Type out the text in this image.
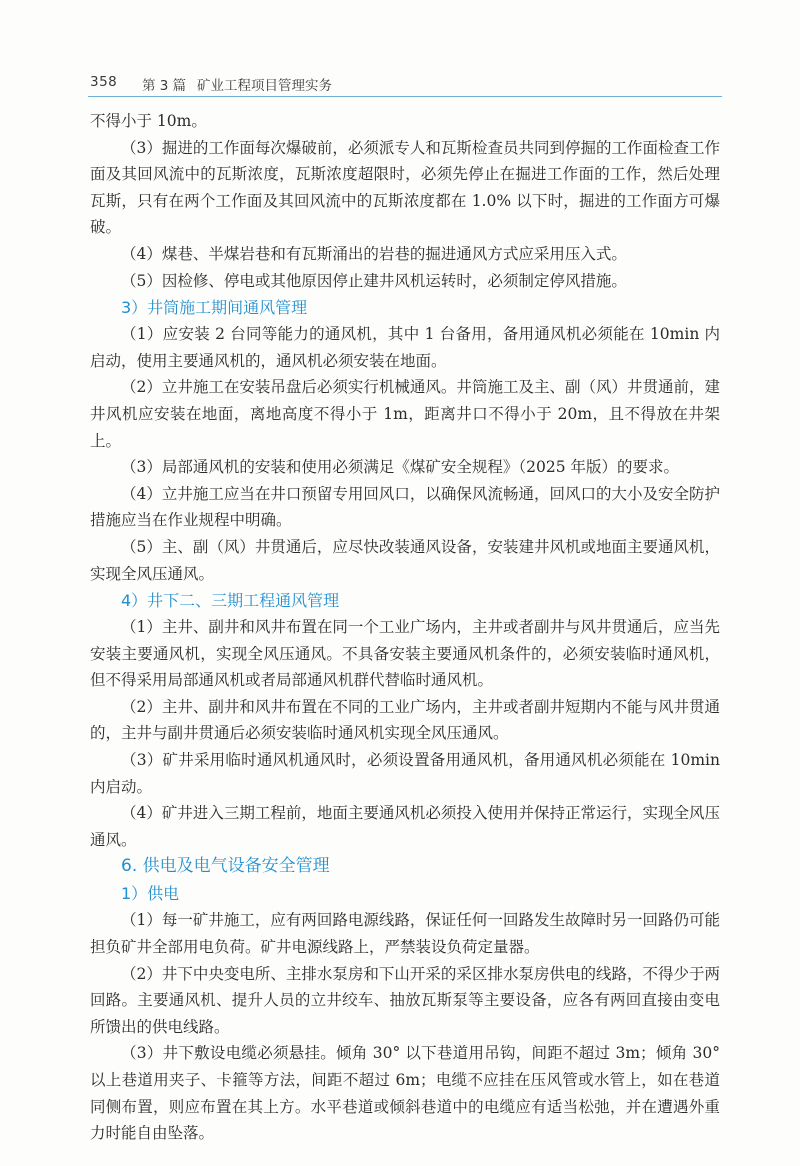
358 第 3 篇 矿业工程项目管理实务

不得小于 10m。

（3）掘进的工作面每次爆破前，必须派专人和瓦斯检查员共同到停掘的工作面检查工作面及其回风流中的瓦斯浓度，瓦斯浓度超限时，必须先停止在掘进工作面的工作，然后处理瓦斯，只有在两个工作面及其回风流中的瓦斯浓度都在 1.0% 以下时，掘进的工作面方可爆破。

（4）煤巷、半煤岩巷和有瓦斯涌出的岩巷的掘进通风方式应采用压入式。

（5）因检修、停电或其他原因停止建井风机运转时，必须制定停风措施。

3）井筒施工期间通风管理

（1）应安装 2 台同等能力的通风机，其中 1 台备用，备用通风机必须能在 10min 内启动，使用主要通风机的，通风机必须安装在地面。

（2）立井施工在安装吊盘后必须实行机械通风。井筒施工及主、副（风）井贯通前，建井风机应安装在地面，离地高度不得小于 1m，距离井口不得小于 20m，且不得放在井架上。

（3）局部通风机的安装和使用必须满足《煤矿安全规程》（2025 年版）的要求。

（4）立井施工应当在井口预留专用回风口，以确保风流畅通，回风口的大小及安全防护措施应当在作业规程中明确。

（5）主、副（风）井贯通后，应尽快改装通风设备，安装建井风机或地面主要通风机，实现全风压通风。

4）井下二、三期工程通风管理

（1）主井、副井和风井布置在同一个工业广场内，主井或者副井与风井贯通后，应当先安装主要通风机，实现全风压通风。不具备安装主要通风机条件的，必须安装临时通风机，但不得采用局部通风机或者局部通风机群代替临时通风机。

（2）主井、副井和风井布置在不同的工业广场内，主井或者副井短期内不能与风井贯通的，主井与副井贯通后必须安装临时通风机实现全风压通风。

（3）矿井采用临时通风机通风时，必须设置备用通风机，备用通风机必须能在 10min 内启动。

（4）矿井进入三期工程前，地面主要通风机必须投入使用并保持正常运行，实现全风压通风。

6. 供电及电气设备安全管理
1）供电

（1）每一矿井施工，应有两回路电源线路，保证任何一回路发生故障时另一回路仍可能担负矿井全部用电负荷。矿井电源线路上，严禁装设负荷定量器。

（2）井下中央变电所、主排水泵房和下山开采的采区排水泵房供电的线路，不得少于两回路。主要通风机、提升人员的立井绞车、抽放瓦斯泵等主要设备，应各有两回直接由变电所馈出的供电线路。

（3）井下敷设电缆必须悬挂。倾角 30° 以下巷道用吊钩，间距不超过 3m；倾角 30° 以上巷道用夹子、卡箍等方法，间距不超过 6m；电缆不应挂在压风管或水管上，如在巷道同侧布置，则应布置在其上方。水平巷道或倾斜巷道中的电缆应有适当松弛，并在遭遇外重力时能自由坠落。
